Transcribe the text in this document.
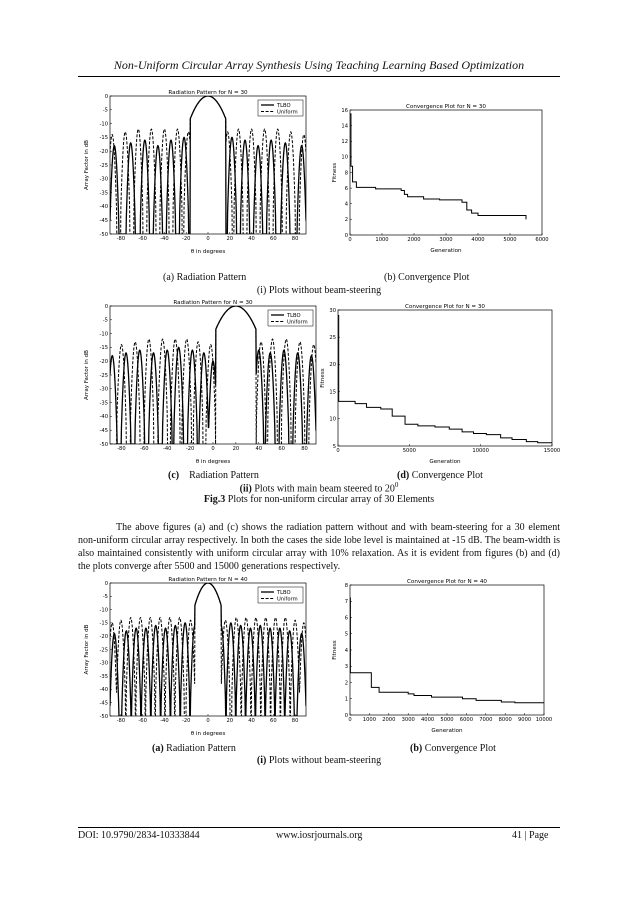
Non-Uniform Circular Array Synthesis Using Teaching Learning Based Optimization
Radiation Pattern for N = 30
-80	-60	-40	-20	0	20	40	60	80
0
-5
-10
-15
-20
-25
-30
-35
-40
-45
-50
θ in degrees
Array Factor in dB
TLBO
Uniform
Convergence Plot for N = 30
0	1000	2000	3000	4000	5000	6000
0
2
4
6
8
10
12
14
16
Generation
Fitness
(a) Radiation Pattern	(b) Convergence Plot
(i) Plots without beam-steering
Radiation Pattern for N = 30
-80	-60	-40	-20	0	20	40	60	80
0
-5
-10
-15
-20
-25
-30
-35
-40
-45
-50
θ in degrees
Array Factor in dB
TLBO
Uniform
Convergence Plot for N = 30
0	5000	10000	15000
5
10
15
20
25
30
Generation
Fitness
(c) Radiation Pattern	(d) Convergence Plot
(ii) Plots with main beam steered to $20^0$
Fig.3 Plots for non-uniform circular array of 30 Elements
The above figures (a) and (c) shows the radiation pattern without and with beam-steering for a 30 element non-uniform circular array respectively. In both the cases the side lobe level is maintained at -15 dB. The beam-width is also maintained consistently with uniform circular array with 10% relaxation. As it is evident from figures (b) and (d) the plots converge after 5500 and 15000 generations respectively.
Radiation Pattern for N = 40
-80	-60	-40	-20	0	20	40	60	80
0
-5
-10
-15
-20
-25
-30
-35
-40
-45
-50
θ in degrees
Array Factor in dB
TLBO
Uniform
Convergence Plot for N = 40
0 1000 2000 3000 4000 5000 6000 7000 8000 9000 10000
0
1
2
3
4
5
6
7
8
Generation
Fitness
(a) Radiation Pattern	(b) Convergence Plot
(i) Plots without beam-steering
DOI: 10.9790/2834-10333844	www.iosrjournals.org	41 | Page
